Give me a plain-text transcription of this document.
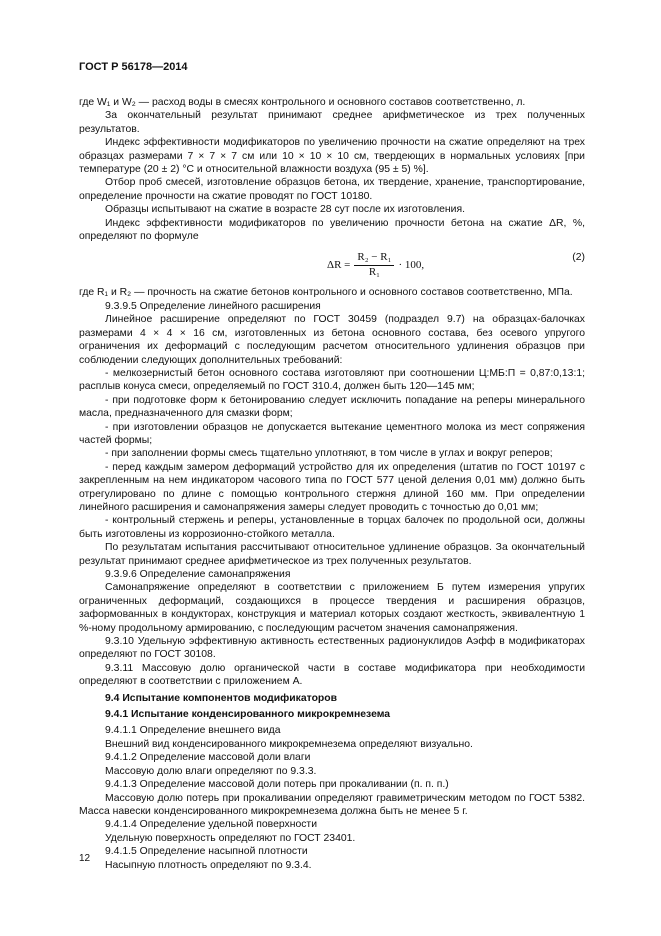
ГОСТ Р 56178—2014

где W₁ и W₂ — расход воды в смесях контрольного и основного составов соответственно, л.

За окончательный результат принимают среднее арифметическое из трех полученных результатов.

Индекс эффективности модификаторов по увеличению прочности на сжатие определяют на трех образцах размерами 7 × 7 × 7 см или 10 × 10 × 10 см, твердеющих в нормальных условиях [при температуре (20 ± 2) °С и относительной влажности воздуха (95 ± 5) %].

Отбор проб смесей, изготовление образцов бетона, их твердение, хранение, транспортирование, определение прочности на сжатие проводят по ГОСТ 10180.

Образцы испытывают на сжатие в возрасте 28 сут после их изготовления.

Индекс эффективности модификаторов по увеличению прочности бетона на сжатие ΔR, %, определяют по формуле

$\Delta R = \frac{\text{R₂ − R₁}}{\text{R₁}} \cdot 100$,
(2)

где R₁ и R₂ — прочность на сжатие бетонов контрольного и основного составов соответственно, МПа.

9.3.9.5 Определение линейного расширения

Линейное расширение определяют по ГОСТ 30459 (подраздел 9.7) на образцах-балочках размерами 4 × 4 × 16 см, изготовленных из бетона основного состава, без осевого упругого ограничения их деформаций с последующим расчетом относительного удлинения образцов при соблюдении следующих дополнительных требований:

- мелкозернистый бетон основного состава изготовляют при соотношении Ц:МБ:П = 0,87:0,13:1; расплыв конуса смеси, определяемый по ГОСТ 310.4, должен быть 120—145 мм;

- при подготовке форм к бетонированию следует исключить попадание на реперы минерального масла, предназначенного для смазки форм;

- при изготовлении образцов не допускается вытекание цементного молока из мест сопряжения частей формы;

- при заполнении формы смесь тщательно уплотняют, в том числе в углах и вокруг реперов;

- перед каждым замером деформаций устройство для их определения (штатив по ГОСТ 10197 с закрепленным на нем индикатором часового типа по ГОСТ 577 ценой деления 0,01 мм) должно быть отрегулировано по длине с помощью контрольного стержня длиной 160 мм. При определении линейного расширения и самонапряжения замеры следует проводить с точностью до 0,01 мм;

- контрольный стержень и реперы, установленные в торцах балочек по продольной оси, должны быть изготовлены из коррозионно-стойкого металла.

По результатам испытания рассчитывают относительное удлинение образцов. За окончательный результат принимают среднее арифметическое из трех полученных результатов.

9.3.9.6 Определение самонапряжения

Самонапряжение определяют в соответствии с приложением Б путем измерения упругих ограниченных деформаций, создающихся в процессе твердения и расширения образцов, заформованных в кондукторах, конструкция и материал которых создают жесткость, эквивалентную 1 %-ному продольному армированию, с последующим расчетом значения самонапряжения.

9.3.10 Удельную эффективную активность естественных радионуклидов Aэфф в модификаторах определяют по ГОСТ 30108.

9.3.11 Массовую долю органической части в составе модификатора при необходимости определяют в соответствии с приложением А.

9.4 Испытание компонентов модификаторов

9.4.1 Испытание конденсированного микрокремнезема

9.4.1.1 Определение внешнего вида

Внешний вид конденсированного микрокремнезема определяют визуально.

9.4.1.2 Определение массовой доли влаги

Массовую долю влаги определяют по 9.3.3.

9.4.1.3 Определение массовой доли потерь при прокаливании (п. п. п.)

Массовую долю потерь при прокаливании определяют гравиметрическим методом по ГОСТ 5382. Масса навески конденсированного микрокремнезема должна быть не менее 5 г.

9.4.1.4 Определение удельной поверхности

Удельную поверхность определяют по ГОСТ 23401.

9.4.1.5 Определение насыпной плотности

Насыпную плотность определяют по 9.3.4.

12
